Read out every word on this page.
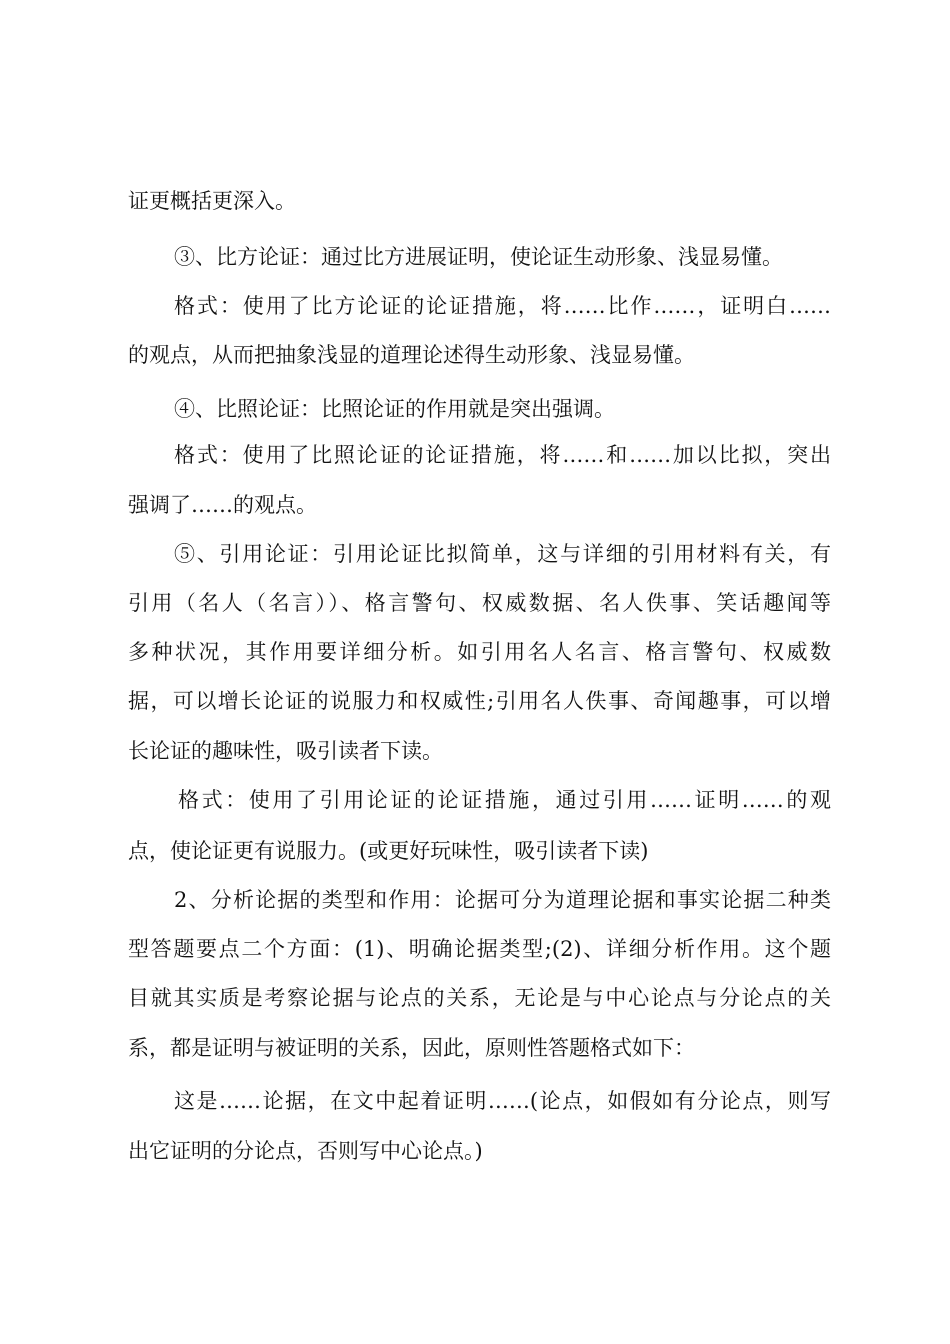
证更概括更深入。

③、比方论证：通过比方进展证明，使论证生动形象、浅显易懂。

格式：使用了比方论证的论证措施，将……比作……，证明白……

的观点，从而把抽象浅显的道理论述得生动形象、浅显易懂。

④、比照论证：比照论证的作用就是突出强调。

格式：使用了比照论证的论证措施，将……和……加以比拟，突出

强调了……的观点。

⑤、引用论证：引用论证比拟简单，这与详细的引用材料有关，有

引用（名人（名言））、格言警句、权威数据、名人佚事、笑话趣闻等

多种状况，其作用要详细分析。如引用名人名言、格言警句、权威数

据，可以增长论证的说服力和权威性;引用名人佚事、奇闻趣事，可以增

长论证的趣味性，吸引读者下读。

格式：使用了引用论证的论证措施，通过引用……证明……的观

点，使论证更有说服力。(或更好玩味性，吸引读者下读)

2、分析论据的类型和作用：论据可分为道理论据和事实论据二种类

型答题要点二个方面：(1)、明确论据类型;(2)、详细分析作用。这个题

目就其实质是考察论据与论点的关系，无论是与中心论点与分论点的关

系，都是证明与被证明的关系，因此，原则性答题格式如下：

这是……论据，在文中起着证明……(论点，如假如有分论点，则写

出它证明的分论点，否则写中心论点。)
